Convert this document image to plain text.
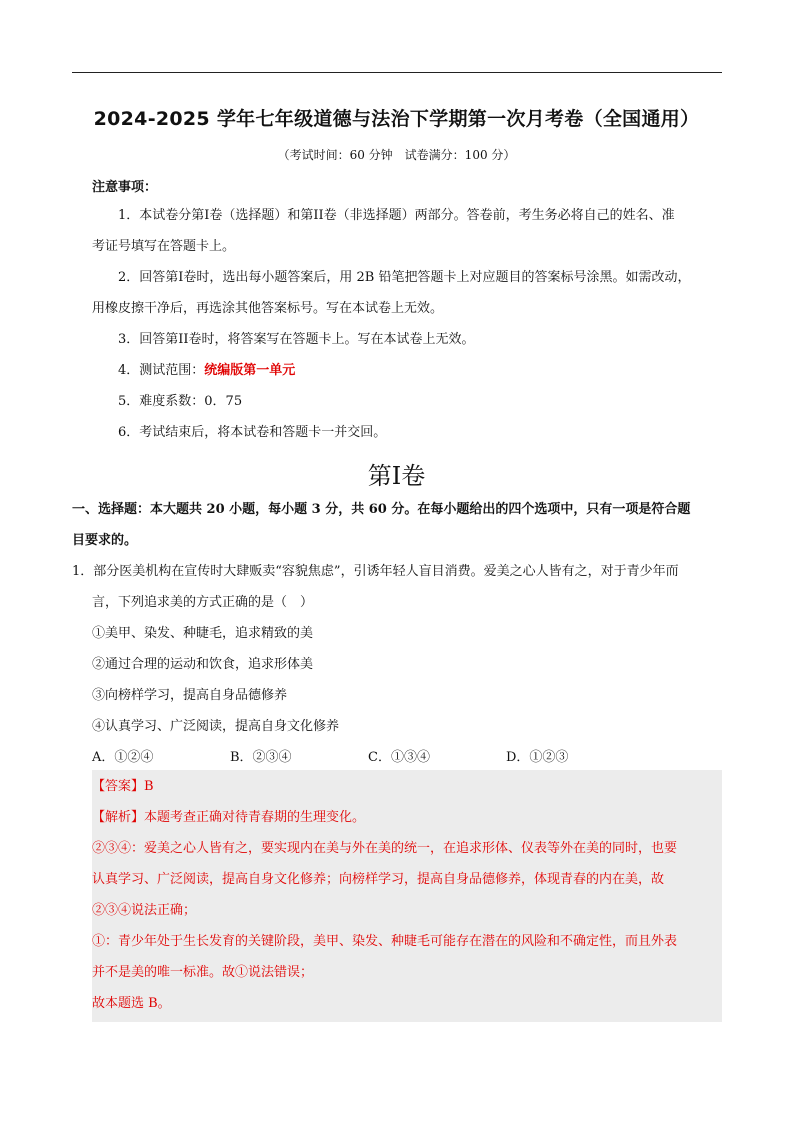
2024-2025 学年七年级道德与法治下学期第一次月考卷（全国通用）
（考试时间：60 分钟　试卷满分：100 分）
注意事项：

1．本试卷分第I卷（选择题）和第II卷（非选择题）两部分。答卷前，考生务必将自己的姓名、准

考证号填写在答题卡上。

2．回答第I卷时，选出每小题答案后，用 2B 铅笔把答题卡上对应题目的答案标号涂黑。如需改动，

用橡皮擦干净后，再选涂其他答案标号。写在本试卷上无效。

3．回答第II卷时，将答案写在答题卡上。写在本试卷上无效。

4．测试范围：统编版第一单元

5．难度系数：0．75

6．考试结束后，将本试卷和答题卡一并交回。

第I卷
一、选择题：本大题共 20 小题，每小题 3 分，共 60 分。在每小题给出的四个选项中，只有一项是符合题
目要求的。

1．部分医美机构在宣传时大肆贩卖“容貌焦虑”，引诱年轻人盲目消费。爱美之心人皆有之，对于青少年而

言，下列追求美的方式正确的是（　）

①美甲、染发、种睫毛，追求精致的美

②通过合理的运动和饮食，追求形体美

③向榜样学习，提高自身品德修养

④认真学习、广泛阅读，提高自身文化修养

A．①②④	B．②③④	C．①③④	D．①②③

【答案】B

【解析】本题考查正确对待青春期的生理变化。

②③④：爱美之心人皆有之，要实现内在美与外在美的统一，在追求形体、仪表等外在美的同时，也要

认真学习、广泛阅读，提高自身文化修养；向榜样学习，提高自身品德修养，体现青春的内在美，故

②③④说法正确；

①：青少年处于生长发育的关键阶段，美甲、染发、种睫毛可能存在潜在的风险和不确定性，而且外表

并不是美的唯一标准。故①说法错误；

故本题选 B。
